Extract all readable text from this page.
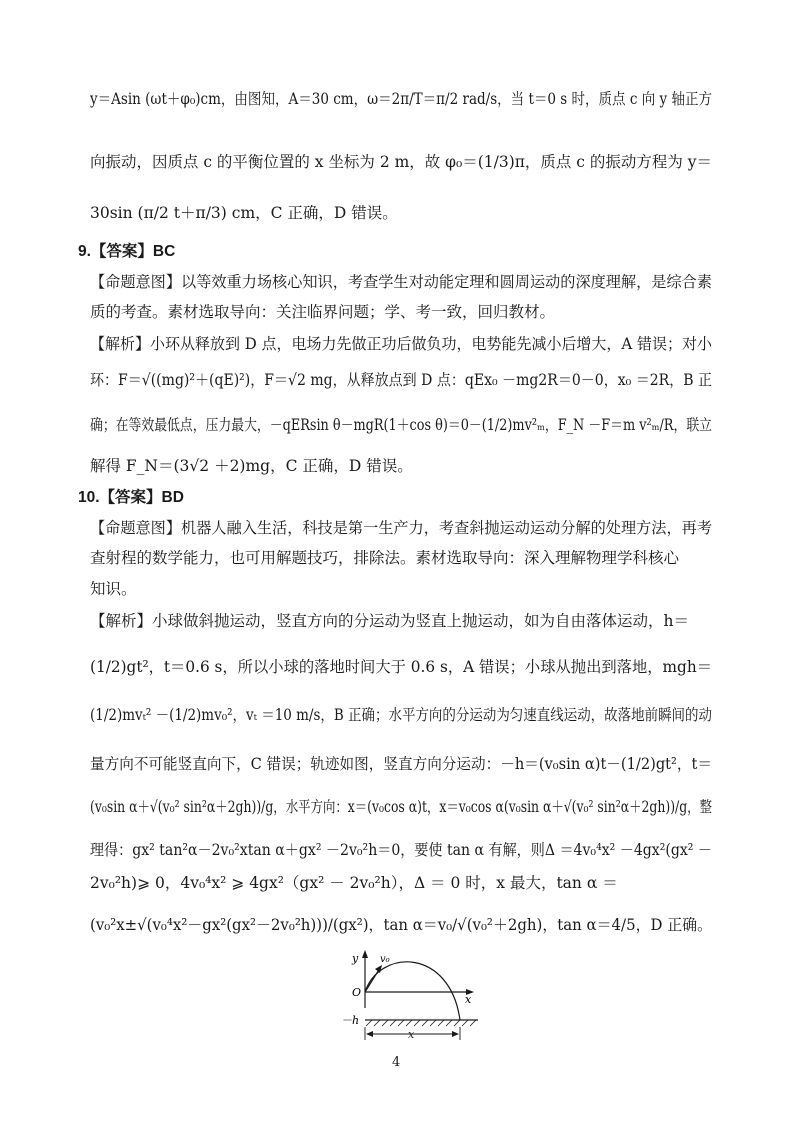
y＝Asin (ωt＋φ₀)cm，由图知，A＝30 cm，ω＝2π/T＝π/2 rad/s，当 t＝0 s 时，质点 c 向 y 轴正方
向振动，因质点 c 的平衡位置的 x 坐标为 2 m，故 φ₀＝(1/3)π，质点 c 的振动方程为 y＝
30sin (π/2 t＋π/3) cm，C 正确，D 错误。
9.【答案】BC
【命题意图】以等效重力场核心知识，考查学生对动能定理和圆周运动的深度理解，是综合素
质的考查。素材选取导向：关注临界问题；学、考一致，回归教材。
【解析】小环从释放到 D 点，电场力先做正功后做负功，电势能先减小后增大，A 错误；对小
环：F＝√((mg)²＋(qE)²)，F＝√2 mg，从释放点到 D 点：qEx₀ －mg2R＝0－0，x₀ ＝2R，B 正
确；在等效最低点，压力最大，－qERsin θ－mgR(1＋cos θ)＝0－(1/2)mv²ₘ，F_N －F＝m v²ₘ/R，联立
解得 F_N＝(3√2 ＋2)mg，C 正确，D 错误。
10.【答案】BD
【命题意图】机器人融入生活，科技是第一生产力，考查斜抛运动运动分解的处理方法，再考
查射程的数学能力，也可用解题技巧，排除法。素材选取导向：深入理解物理学科核心
知识。
【解析】小球做斜抛运动，竖直方向的分运动为竖直上抛运动，如为自由落体运动，h＝
(1/2)gt²，t＝0.6 s，所以小球的落地时间大于 0.6 s，A 错误；小球从抛出到落地，mgh＝
(1/2)mvₜ² －(1/2)mv₀²，vₜ ＝10 m/s，B 正确；水平方向的分运动为匀速直线运动，故落地前瞬间的动
量方向不可能竖直向下，C 错误；轨迹如图，竖直方向分运动：－h＝(v₀sin α)t－(1/2)gt²，t＝
(v₀sin α＋√(v₀² sin²α＋2gh))/g，水平方向：x＝(v₀cos α)t，x＝v₀cos α(v₀sin α＋√(v₀² sin²α＋2gh))/g，整
理得：gx² tan²α－2v₀²xtan α＋gx² －2v₀²h＝0，要使 tan α 有解，则Δ ＝4v₀⁴x² －4gx²(gx² －
2v₀²h)⩾ 0，4v₀⁴x² ⩾ 4gx²（gx² － 2v₀²h），Δ ＝ 0 时，x 最大，tan α ＝
(v₀²x±√(v₀⁴x²－gx²(gx²－2v₀²h)))/(gx²)，tan α＝v₀/√(v₀²＋2gh)，tan α＝4/5，D 正确。
y v₀
O
x
－h
x
4
